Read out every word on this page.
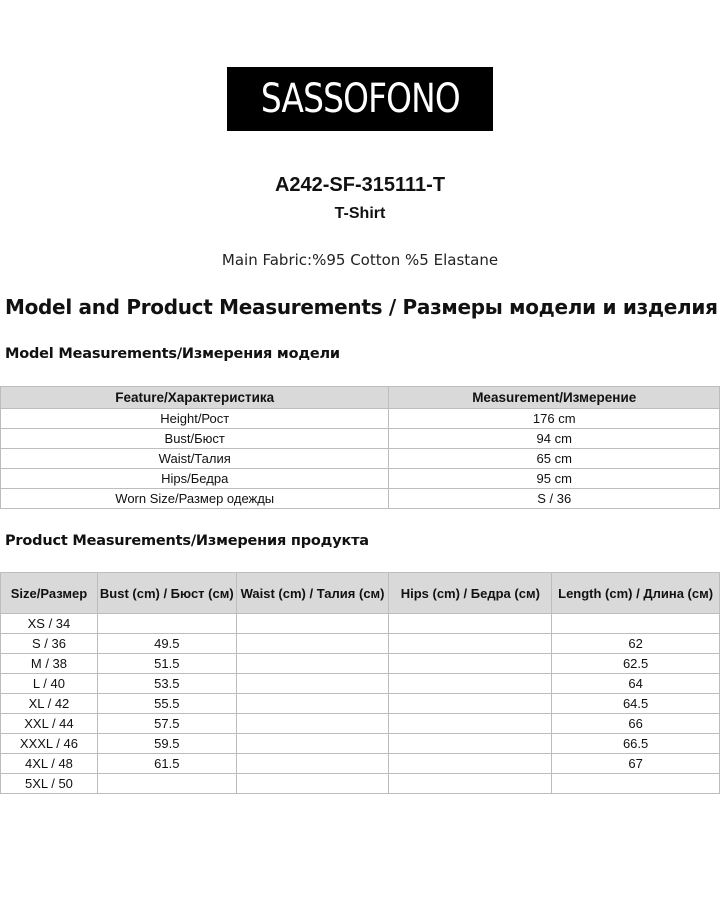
SASSOFONO
A242-SF-315111-T
T-Shirt
Main Fabric:%95 Cotton %5 Elastane
Model and Product Measurements / Размеры модели и изделия
Model Measurements/Измерения модели
Feature/Характеристика	Measurement/Измерение
Height/Рост	176 cm
Bust/Бюст	94 cm
Waist/Талия	65 cm
Hips/Бедра	95 cm
Worn Size/Размер одежды	S / 36
Product Measurements/Измерения продукта
Size/Размер	Bust (cm) / Бюст (см)	Waist (cm) / Талия (см)	Hips (cm) / Бедра (см)	Length (cm) / Длина (см)
XS / 34				
S / 36	49.5			62
M / 38	51.5			62.5
L / 40	53.5			64
XL / 42	55.5			64.5
XXL / 44	57.5			66
XXXL / 46	59.5			66.5
4XL / 48	61.5			67
5XL / 50				
